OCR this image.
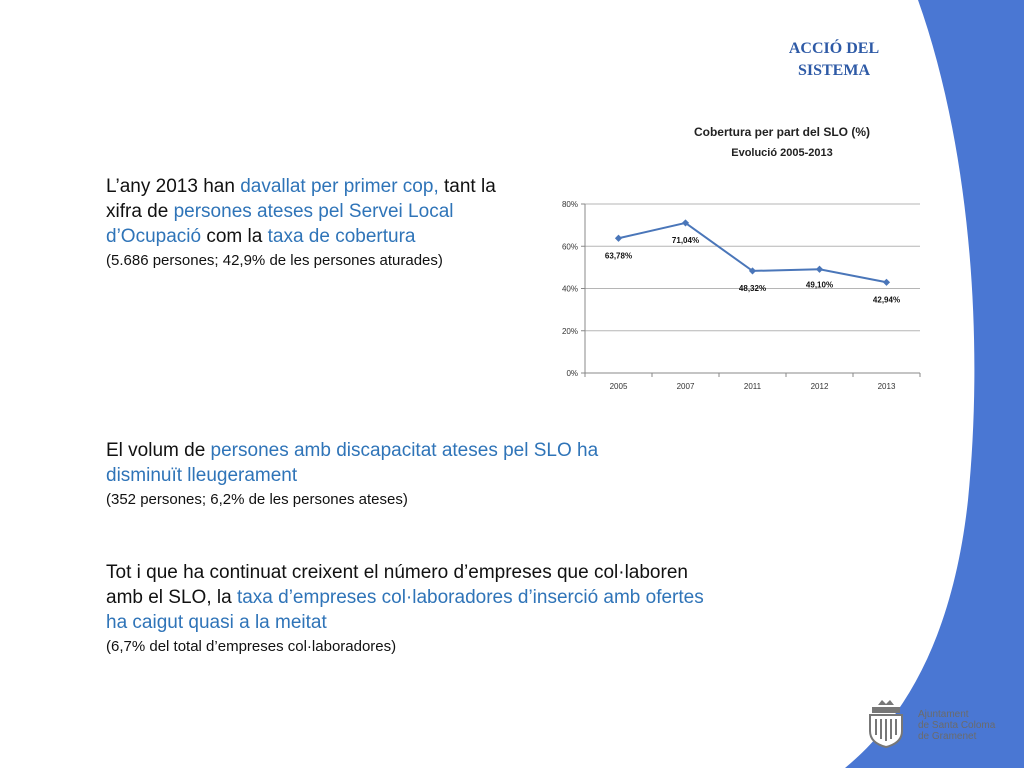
ACCIÓ DEL
SISTEMA
L’any 2013 han davallat per primer cop, tant la xifra de persones ateses pel Servei Local d’Ocupació com la taxa de cobertura
(5.686 persones; 42,9% de les persones aturades)
El volum de persones amb discapacitat ateses pel SLO ha disminuït lleugerament
(352 persones; 6,2% de les persones ateses)
Tot i que ha continuat creixent el número d’empreses que col·laboren amb el SLO, la taxa d’empreses col·laboradores d’inserció amb ofertes ha caigut quasi a la meitat
(6,7% del total d’empreses col·laboradores)
Cobertura per part del SLO (%)
Evolució 2005-2013
0%
20%
40%
60%
80%
2005	2007	2011	2012	2013
63,78%
71,04%
48,32%	49,10%
42,94%
Ajuntament
de Santa Coloma
de Gramenet
